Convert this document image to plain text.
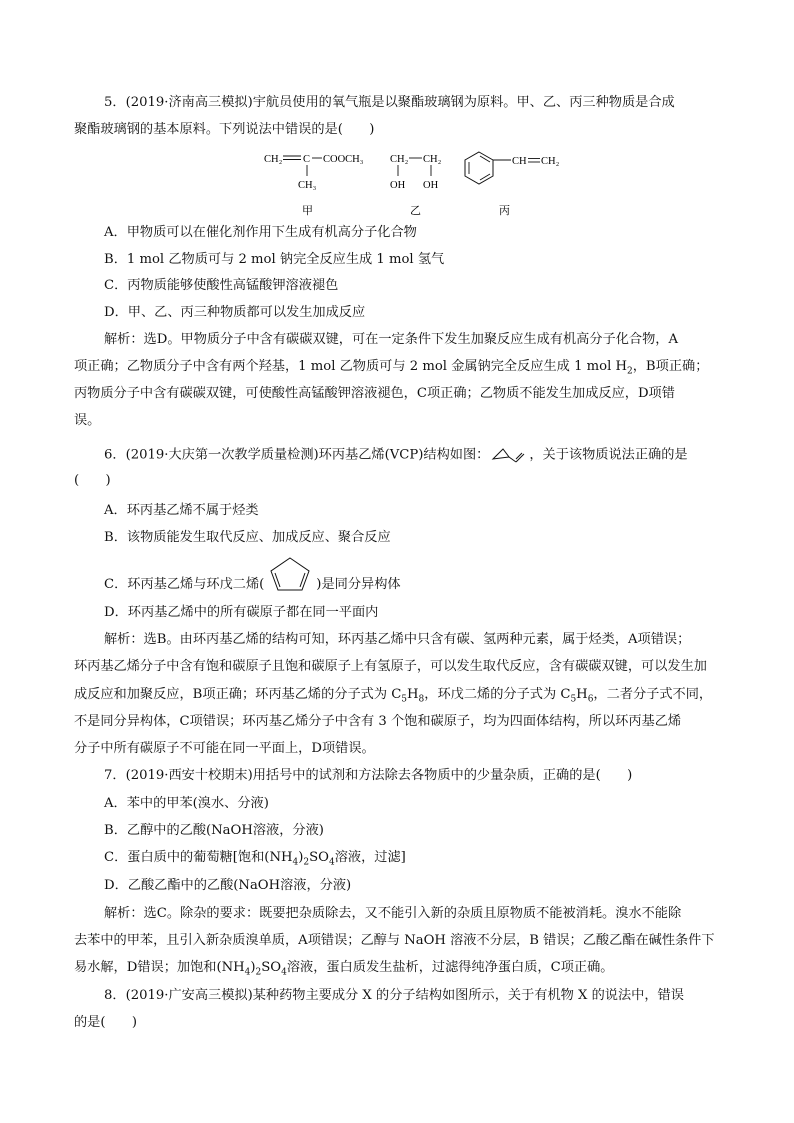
5．(2019·济南高三模拟)宇航员使用的氧气瓶是以聚酯玻璃钢为原料。甲、乙、丙三种物质是合成
聚酯玻璃钢的基本原料。下列说法中错误的是(　　)
CH₂ C COOCH₃
CH₃
甲
CH₂ CH₂
OH OH
乙
CH CH₂
丙
A．甲物质可以在催化剂作用下生成有机高分子化合物
B．1 mol 乙物质可与 2 mol 钠完全反应生成 1 mol 氢气
C．丙物质能够使酸性高锰酸钾溶液褪色
D．甲、乙、丙三种物质都可以发生加成反应
解析：选D。甲物质分子中含有碳碳双键，可在一定条件下发生加聚反应生成有机高分子化合物，A
项正确；乙物质分子中含有两个羟基，1 mol 乙物质可与 2 mol 金属钠完全反应生成 1 mol $H_2$，B项正确；
丙物质分子中含有碳碳双键，可使酸性高锰酸钾溶液褪色，C项正确；乙物质不能发生加成反应，D项错
误。
6．(2019·大庆第一次教学质量检测)环丙基乙烯(VCP)结构如图：	，关于该物质说法正确的是
(　　)
A．环丙基乙烯不属于烃类
B．该物质能发生取代反应、加成反应、聚合反应
C．环丙基乙烯与环戊二烯(	)是同分异构体
D．环丙基乙烯中的所有碳原子都在同一平面内
解析：选B。由环丙基乙烯的结构可知，环丙基乙烯中只含有碳、氢两种元素，属于烃类，A项错误；
环丙基乙烯分子中含有饱和碳原子且饱和碳原子上有氢原子，可以发生取代反应，含有碳碳双键，可以发生加
成反应和加聚反应，B项正确；环丙基乙烯的分子式为 $C_5H_8$，环戊二烯的分子式为 $C_5H_6$，二者分子式不同，
不是同分异构体，C项错误；环丙基乙烯分子中含有 3 个饱和碳原子，均为四面体结构，所以环丙基乙烯
分子中所有碳原子不可能在同一平面上，D项错误。
7．(2019·西安十校期末)用括号中的试剂和方法除去各物质中的少量杂质，正确的是(　　)
A．苯中的甲苯(溴水、分液)
B．乙醇中的乙酸(NaOH溶液，分液)
C．蛋白质中的葡萄糖[饱和$(NH_4)_2SO_4$溶液，过滤]
D．乙酸乙酯中的乙酸(NaOH溶液，分液)
解析：选C。除杂的要求：既要把杂质除去，又不能引入新的杂质且原物质不能被消耗。溴水不能除
去苯中的甲苯，且引入新杂质溴单质，A项错误；乙醇与 NaOH 溶液不分层，B 错误；乙酸乙酯在碱性条件下
易水解，D错误；加饱和$(NH_4)_2SO_4$溶液，蛋白质发生盐析，过滤得纯净蛋白质，C项正确。
8．(2019·广安高三模拟)某种药物主要成分 X 的分子结构如图所示，关于有机物 X 的说法中，错误
的是(　　)
